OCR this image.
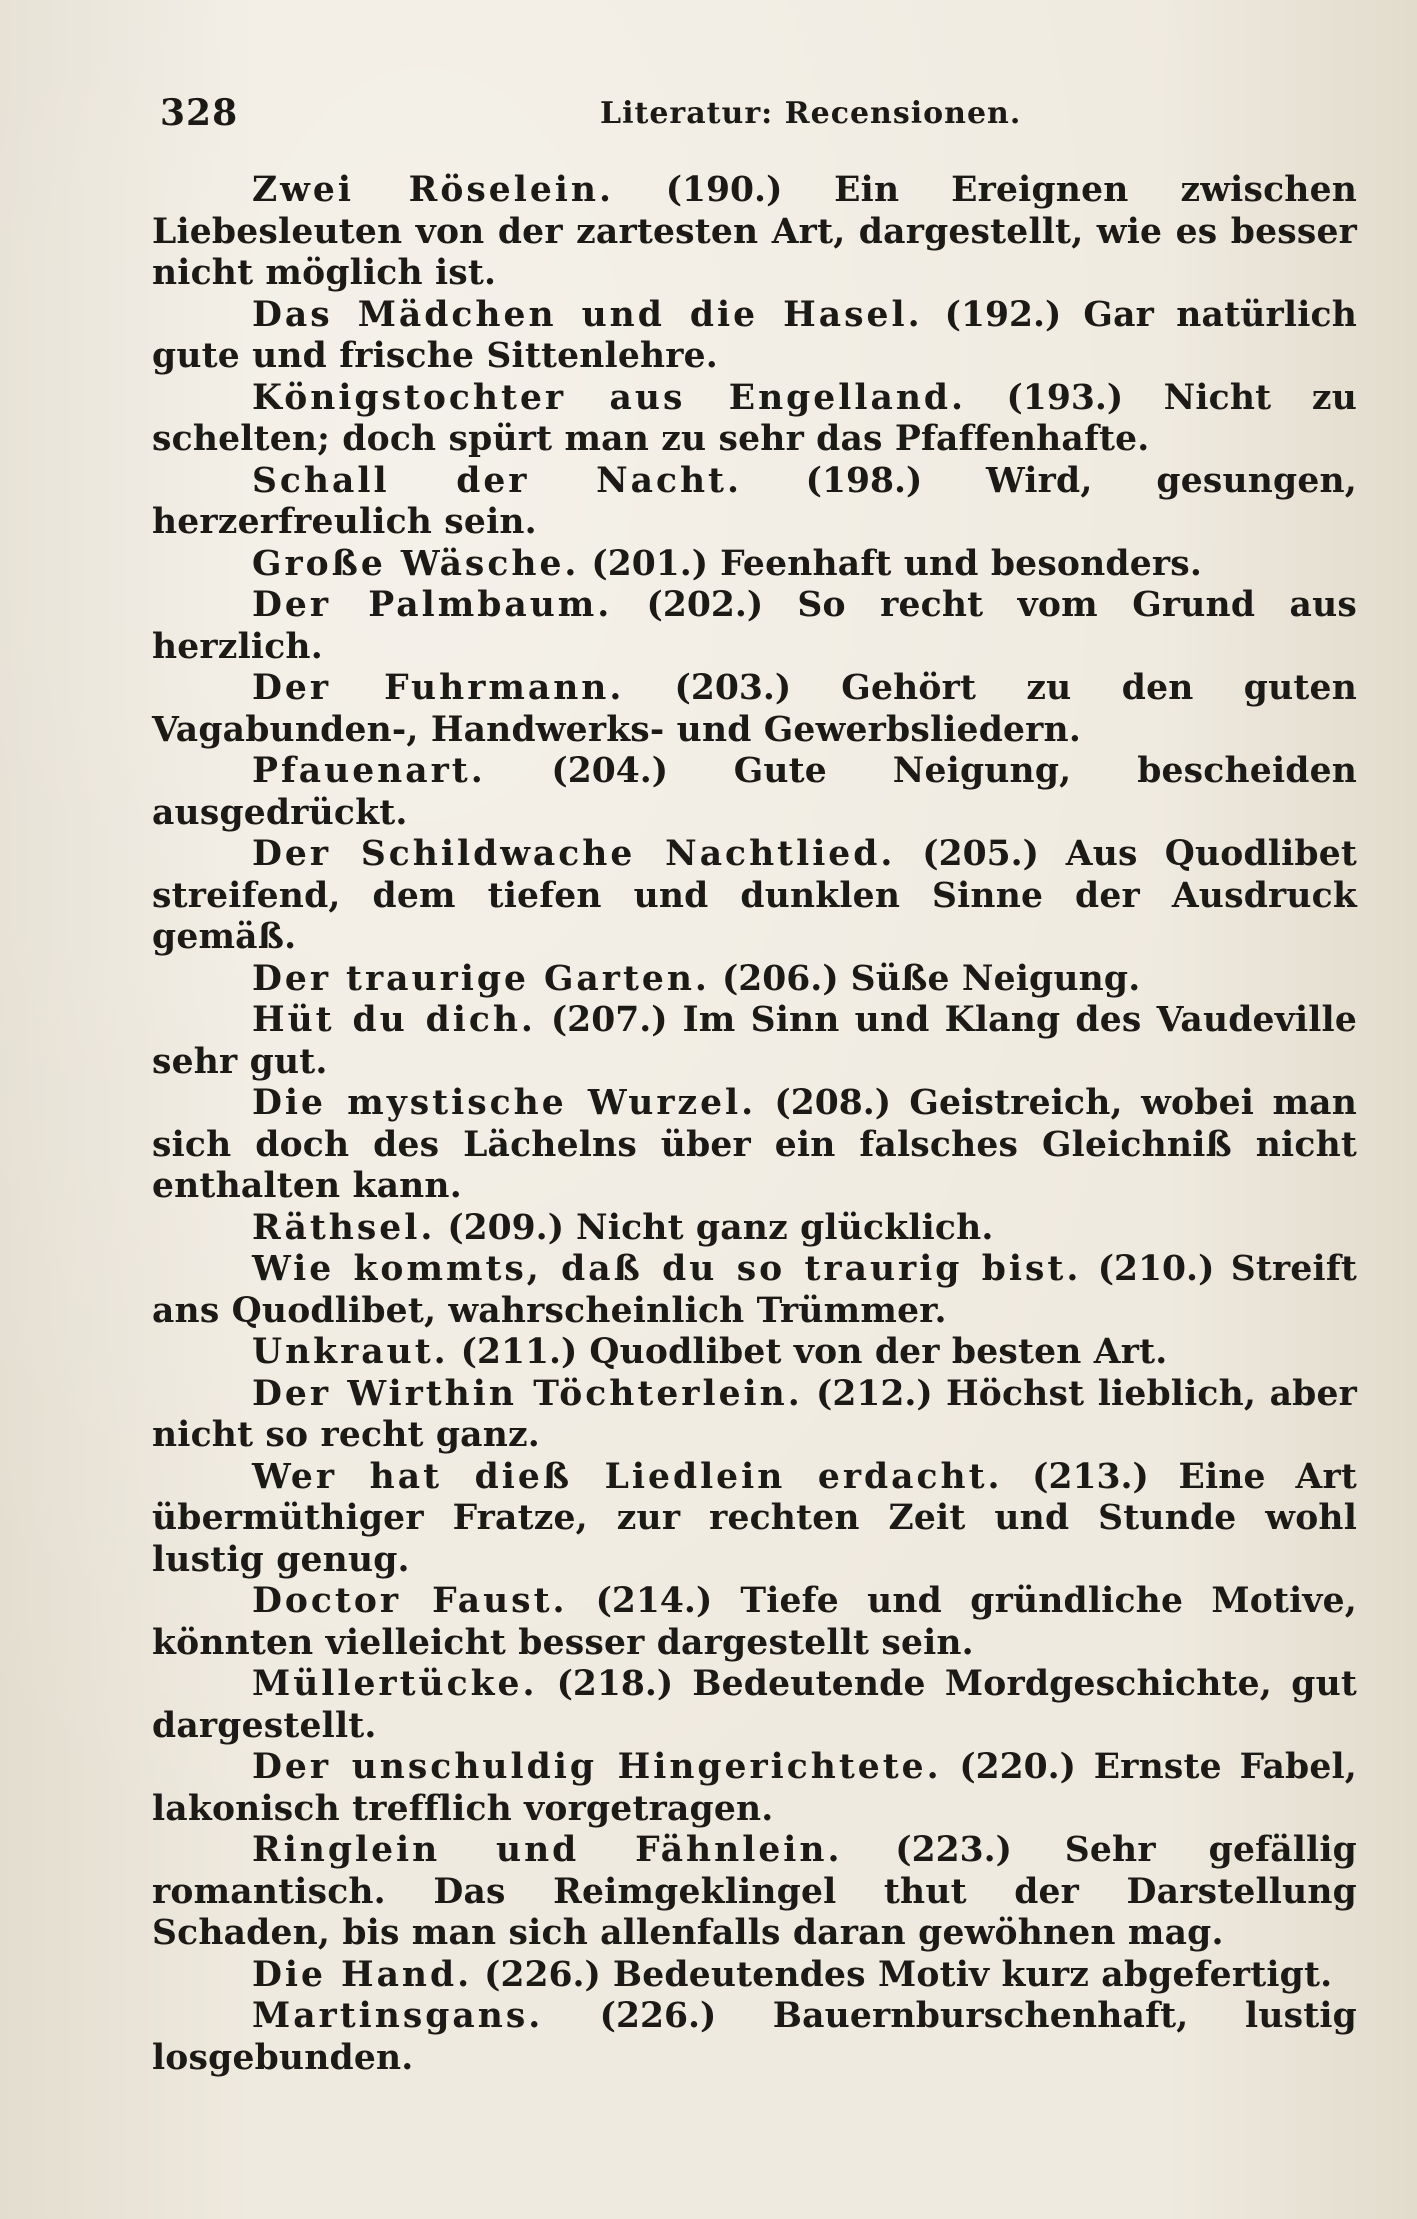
328	Literatur: Recensionen.

Zwei Röselein. (190.) Ein Ereignen zwischen Liebesleuten von der zartesten Art, dargestellt, wie es besser nicht möglich ist.

Das Mädchen und die Hasel. (192.) Gar natürlich gute und frische Sittenlehre.

Königstochter aus Engelland. (193.) Nicht zu schelten; doch spürt man zu sehr das Pfaffenhafte.

Schall der Nacht. (198.) Wird, gesungen, herzerfreulich sein.

Große Wäsche. (201.) Feenhaft und besonders.

Der Palmbaum. (202.) So recht vom Grund aus herzlich.

Der Fuhrmann. (203.) Gehört zu den guten Vagabunden-, Handwerks- und Gewerbsliedern.

Pfauenart. (204.) Gute Neigung, bescheiden ausgedrückt.

Der Schildwache Nachtlied. (205.) Aus Quodlibet streifend, dem tiefen und dunklen Sinne der Ausdruck gemäß.

Der traurige Garten. (206.) Süße Neigung.

Hüt du dich. (207.) Im Sinn und Klang des Vaudeville sehr gut.

Die mystische Wurzel. (208.) Geistreich, wobei man sich doch des Lächelns über ein falsches Gleichniß nicht enthalten kann.

Räthsel. (209.) Nicht ganz glücklich.

Wie kommts, daß du so traurig bist. (210.) Streift ans Quodlibet, wahrscheinlich Trümmer.

Unkraut. (211.) Quodlibet von der besten Art.

Der Wirthin Töchterlein. (212.) Höchst lieblich, aber nicht so recht ganz.

Wer hat dieß Liedlein erdacht. (213.) Eine Art übermüthiger Fratze, zur rechten Zeit und Stunde wohl lustig genug.

Doctor Faust. (214.) Tiefe und gründliche Motive, könnten vielleicht besser dargestellt sein.

Müllertücke. (218.) Bedeutende Mordgeschichte, gut dargestellt.

Der unschuldig Hingerichtete. (220.) Ernste Fabel, lakonisch trefflich vorgetragen.

Ringlein und Fähnlein. (223.) Sehr gefällig romantisch. Das Reimgeklingel thut der Darstellung Schaden, bis man sich allenfalls daran gewöhnen mag.

Die Hand. (226.) Bedeutendes Motiv kurz abgefertigt.

Martinsgans. (226.) Bauernburschenhaft, lustig losgebunden.
